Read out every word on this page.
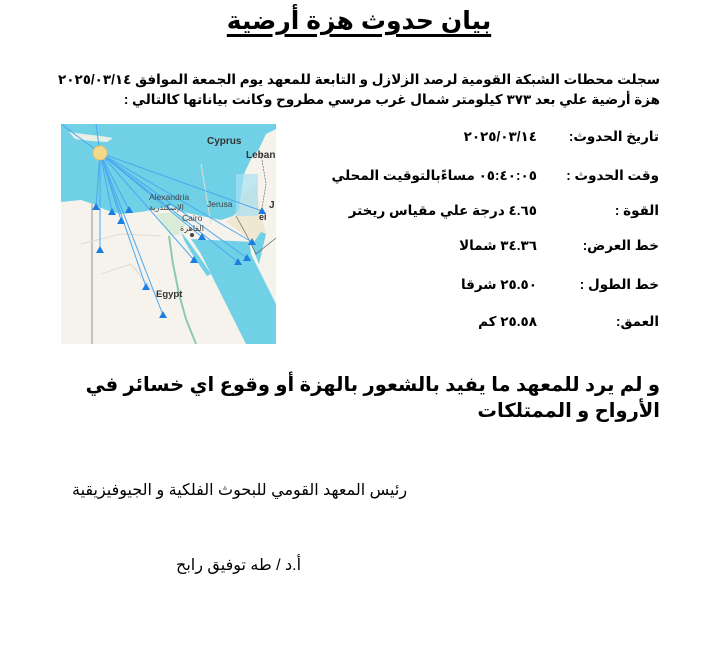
بيان حدوث هزة أرضية
سجلت محطات الشبكة القومية لرصد الزلازل و التابعة للمعهد يوم الجمعة الموافق ٢٠٢٥/٠٣/١٤ هزة أرضية علي بعد ٣٧٣ كيلومتر شمال غرب مرسي مطروح وكانت بياناتها كالتالي :
Cyprus
Leban
Alexandria
الإسكندرية	Jerusa
Cairo
القاهرة
Egypt
J
ei
تاريخ الحدوث:
٢٠٢٥/٠٣/١٤
وقت الحدوث :
٠٥:٤٠:٠٥ مساءًبالتوقيت المحلي
القوة :
٤.٦٥ درجة علي مقياس ريختر
خط العرض:
٣٤.٣٦ شمالا
خط الطول :
٢٥.٥٠ شرقا
العمق:
٢٥.٥٨ كم
و لم يرد للمعهد ما يفيد بالشعور بالهزة أو وقوع اي خسائر في الأرواح و الممتلكات
رئيس المعهد القومي للبحوث الفلكية و الجيوفيزيقية
أ.د / طه توفيق رابح
